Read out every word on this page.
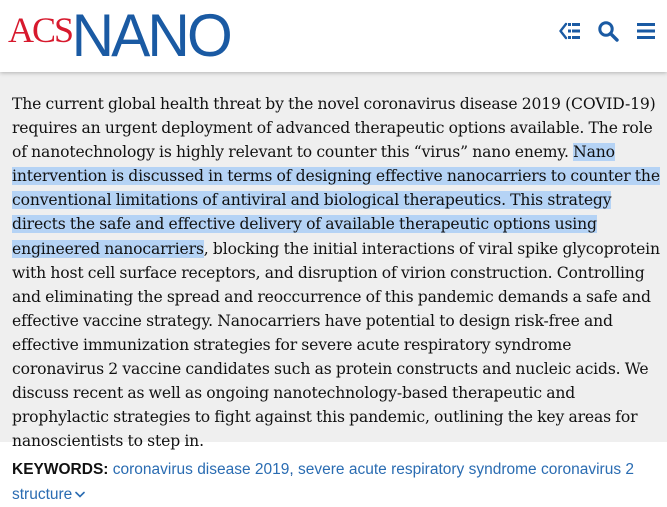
ACS NANO

The current global health threat by the novel coronavirus disease 2019 (COVID-19) requires an urgent deployment of advanced therapeutic options available. The role of nanotechnology is highly relevant to counter this “virus” nano enemy. Nano intervention is discussed in terms of designing effective nanocarriers to counter the conventional limitations of antiviral and biological therapeutics. This strategy directs the safe and effective delivery of available therapeutic options using engineered nanocarriers, blocking the initial interactions of viral spike glycoprotein with host cell surface receptors, and disruption of virion construction. Controlling and eliminating the spread and reoccurrence of this pandemic demands a safe and effective vaccine strategy. Nanocarriers have potential to design risk-free and effective immunization strategies for severe acute respiratory syndrome coronavirus 2 vaccine candidates such as protein constructs and nucleic acids. We discuss recent as well as ongoing nanotechnology-based therapeutic and prophylactic strategies to fight against this pandemic, outlining the key areas for nanoscientists to step in.

KEYWORDS: coronavirus disease 2019, severe acute respiratory syndrome coronavirus 2
structure
